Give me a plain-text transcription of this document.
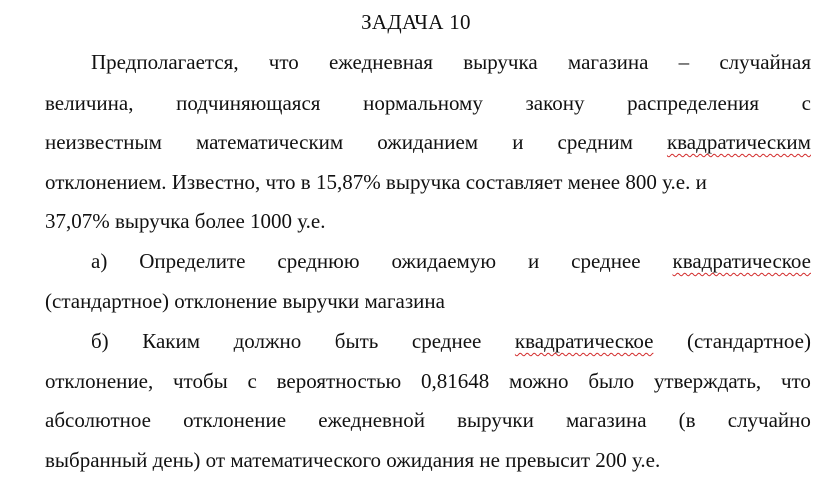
ЗАДАЧА 10
Предполагается, что ежедневная выручка магазина – случайная
величина, подчиняющаяся нормальному закону распределения с
неизвестным математическим ожиданием и средним квадратическим
отклонением. Известно, что в 15,87% выручка составляет менее 800 у.е. и
37,07% выручка более 1000 у.е.
а) Определите среднюю ожидаемую и среднее квадратическое
(стандартное) отклонение выручки магазина
б) Каким должно быть среднее квадратическое (стандартное)
отклонение, чтобы с вероятностью 0,81648 можно было утверждать, что
абсолютное отклонение ежедневной выручки магазина (в случайно
выбранный день) от математического ожидания не превысит 200 у.е.
